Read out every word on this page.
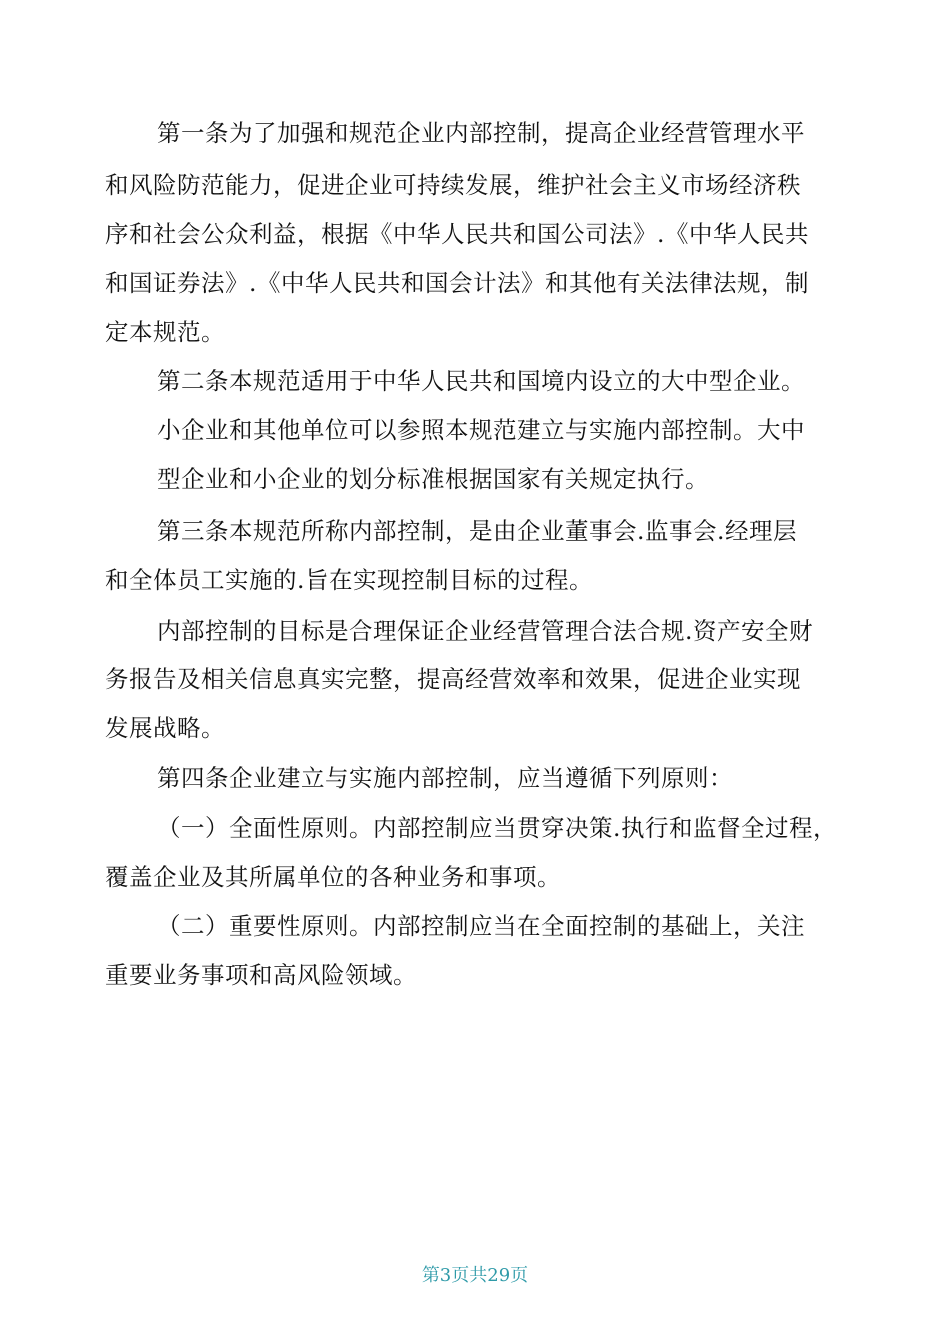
第一条为了加强和规范企业内部控制，提高企业经营管理水平
和风险防范能力，促进企业可持续发展，维护社会主义市场经济秩
序和社会公众利益，根据《中华人民共和国公司法》.《中华人民共
和国证券法》.《中华人民共和国会计法》和其他有关法律法规，制
定本规范。
第二条本规范适用于中华人民共和国境内设立的大中型企业。
小企业和其他单位可以参照本规范建立与实施内部控制。大中
型企业和小企业的划分标准根据国家有关规定执行。
第三条本规范所称内部控制，是由企业董事会.监事会.经理层
和全体员工实施的.旨在实现控制目标的过程。
内部控制的目标是合理保证企业经营管理合法合规.资产安全财
务报告及相关信息真实完整，提高经营效率和效果，促进企业实现
发展战略。
第四条企业建立与实施内部控制，应当遵循下列原则：
（一）全面性原则。内部控制应当贯穿决策.执行和监督全过程，
覆盖企业及其所属单位的各种业务和事项。
（二）重要性原则。内部控制应当在全面控制的基础上，关注
重要业务事项和高风险领域。
第3页共29页
